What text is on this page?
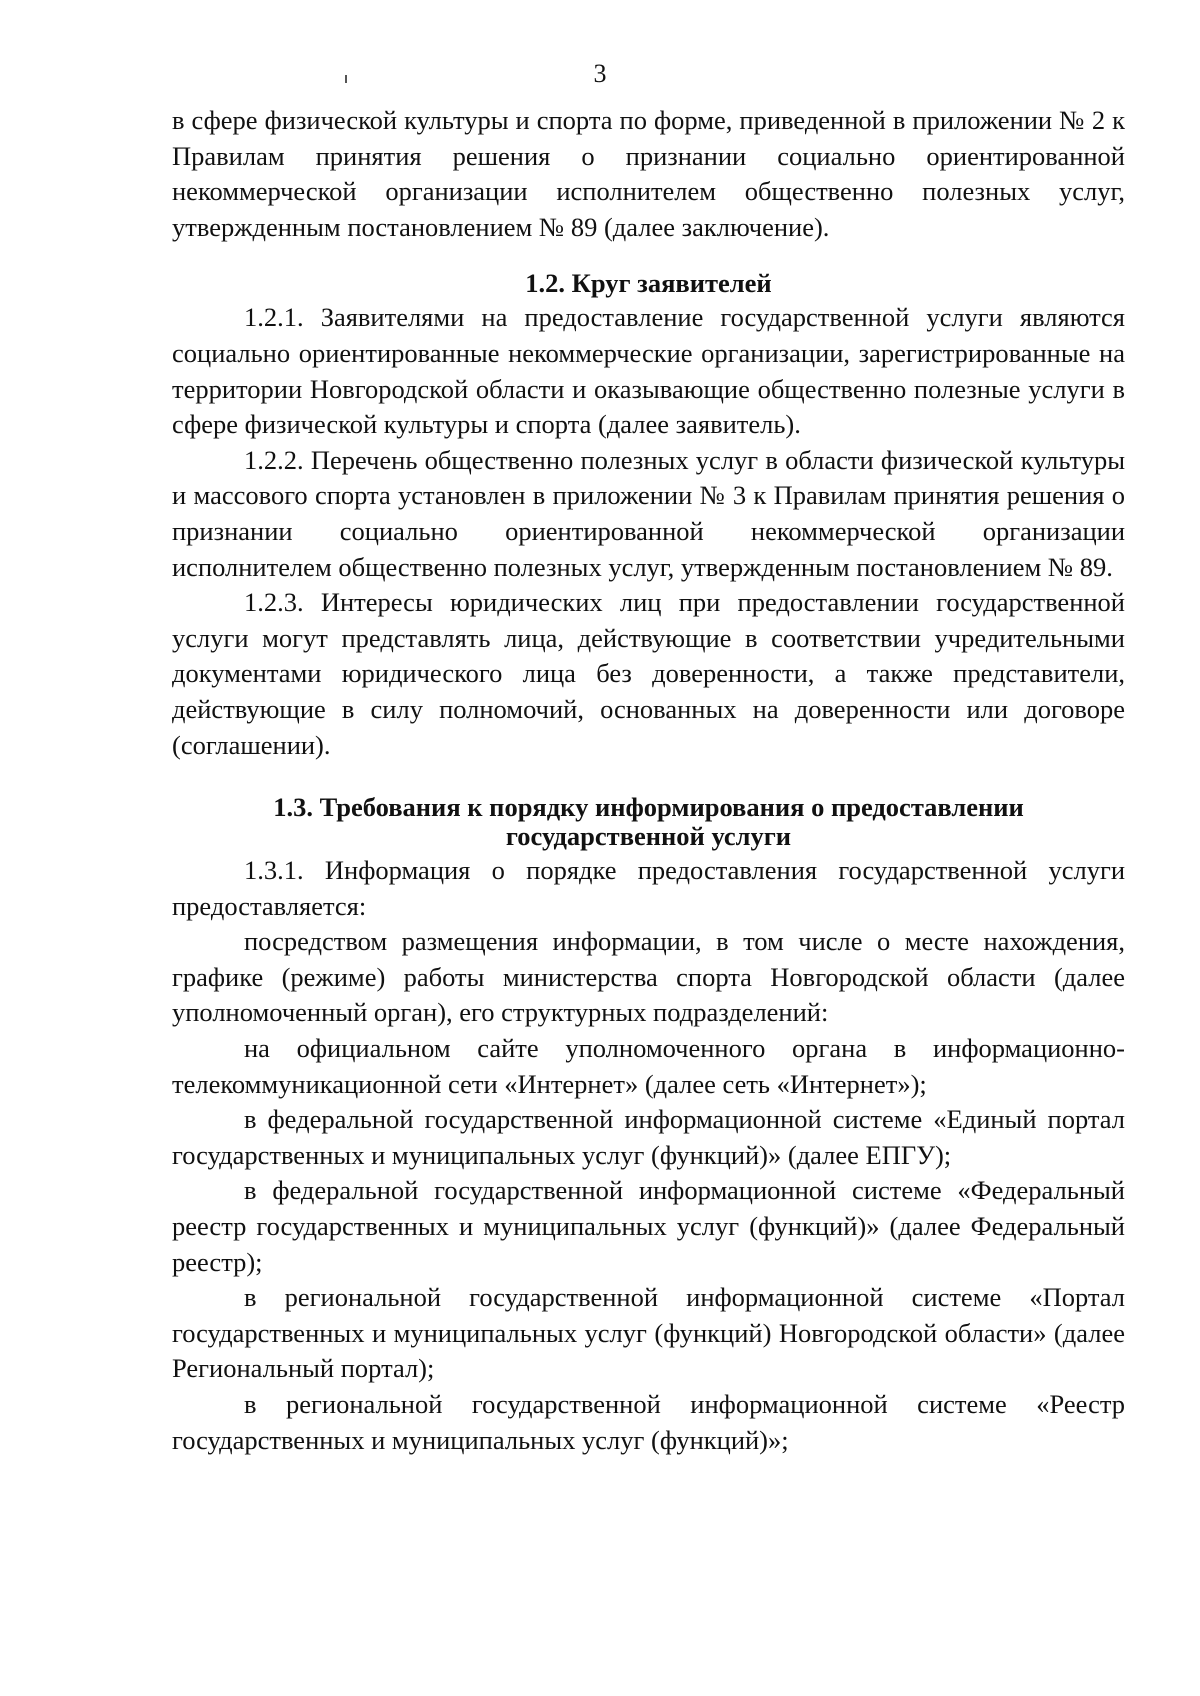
3

в сфере физической культуры и спорта по форме, приведенной в приложении № 2 к Правилам принятия решения о признании социально ориентированной некоммерческой организации исполнителем общественно полезных услуг, утвержденным постановлением № 89 (далее заключение).

1.2. Круг заявителей

1.2.1. Заявителями на предоставление государственной услуги являются социально ориентированные некоммерческие организации, зарегистрированные на территории Новгородской области и оказывающие общественно полезные услуги в сфере физической культуры и спорта (далее заявитель).

1.2.2. Перечень общественно полезных услуг в области физической культуры и массового спорта установлен в приложении № 3 к Правилам принятия решения о признании социально ориентированной некоммерческой организации исполнителем общественно полезных услуг, утвержденным постановлением № 89.

1.2.3. Интересы юридических лиц при предоставлении государственной услуги могут представлять лица, действующие в соответствии учредительными документами юридического лица без доверенности, а также представители, действующие в силу полномочий, основанных на доверенности или договоре (соглашении).

1.3. Требования к порядку информирования о предоставлении
государственной услуги

1.3.1. Информация о порядке предоставления государственной услуги предоставляется:

посредством размещения информации, в том числе о месте нахождения, графике (режиме) работы министерства спорта Новгородской области (далее уполномоченный орган), его структурных подразделений:

на официальном сайте уполномоченного органа в информационно-телекоммуникационной сети «Интернет» (далее сеть «Интернет»);

в федеральной государственной информационной системе «Единый портал государственных и муниципальных услуг (функций)» (далее ЕПГУ);

в федеральной государственной информационной системе «Федеральный реестр государственных и муниципальных услуг (функций)» (далее Федеральный реестр);

в региональной государственной информационной системе «Портал государственных и муниципальных услуг (функций) Новгородской области» (далее Региональный портал);

в региональной государственной информационной системе «Реестр государственных и муниципальных услуг (функций)»;
